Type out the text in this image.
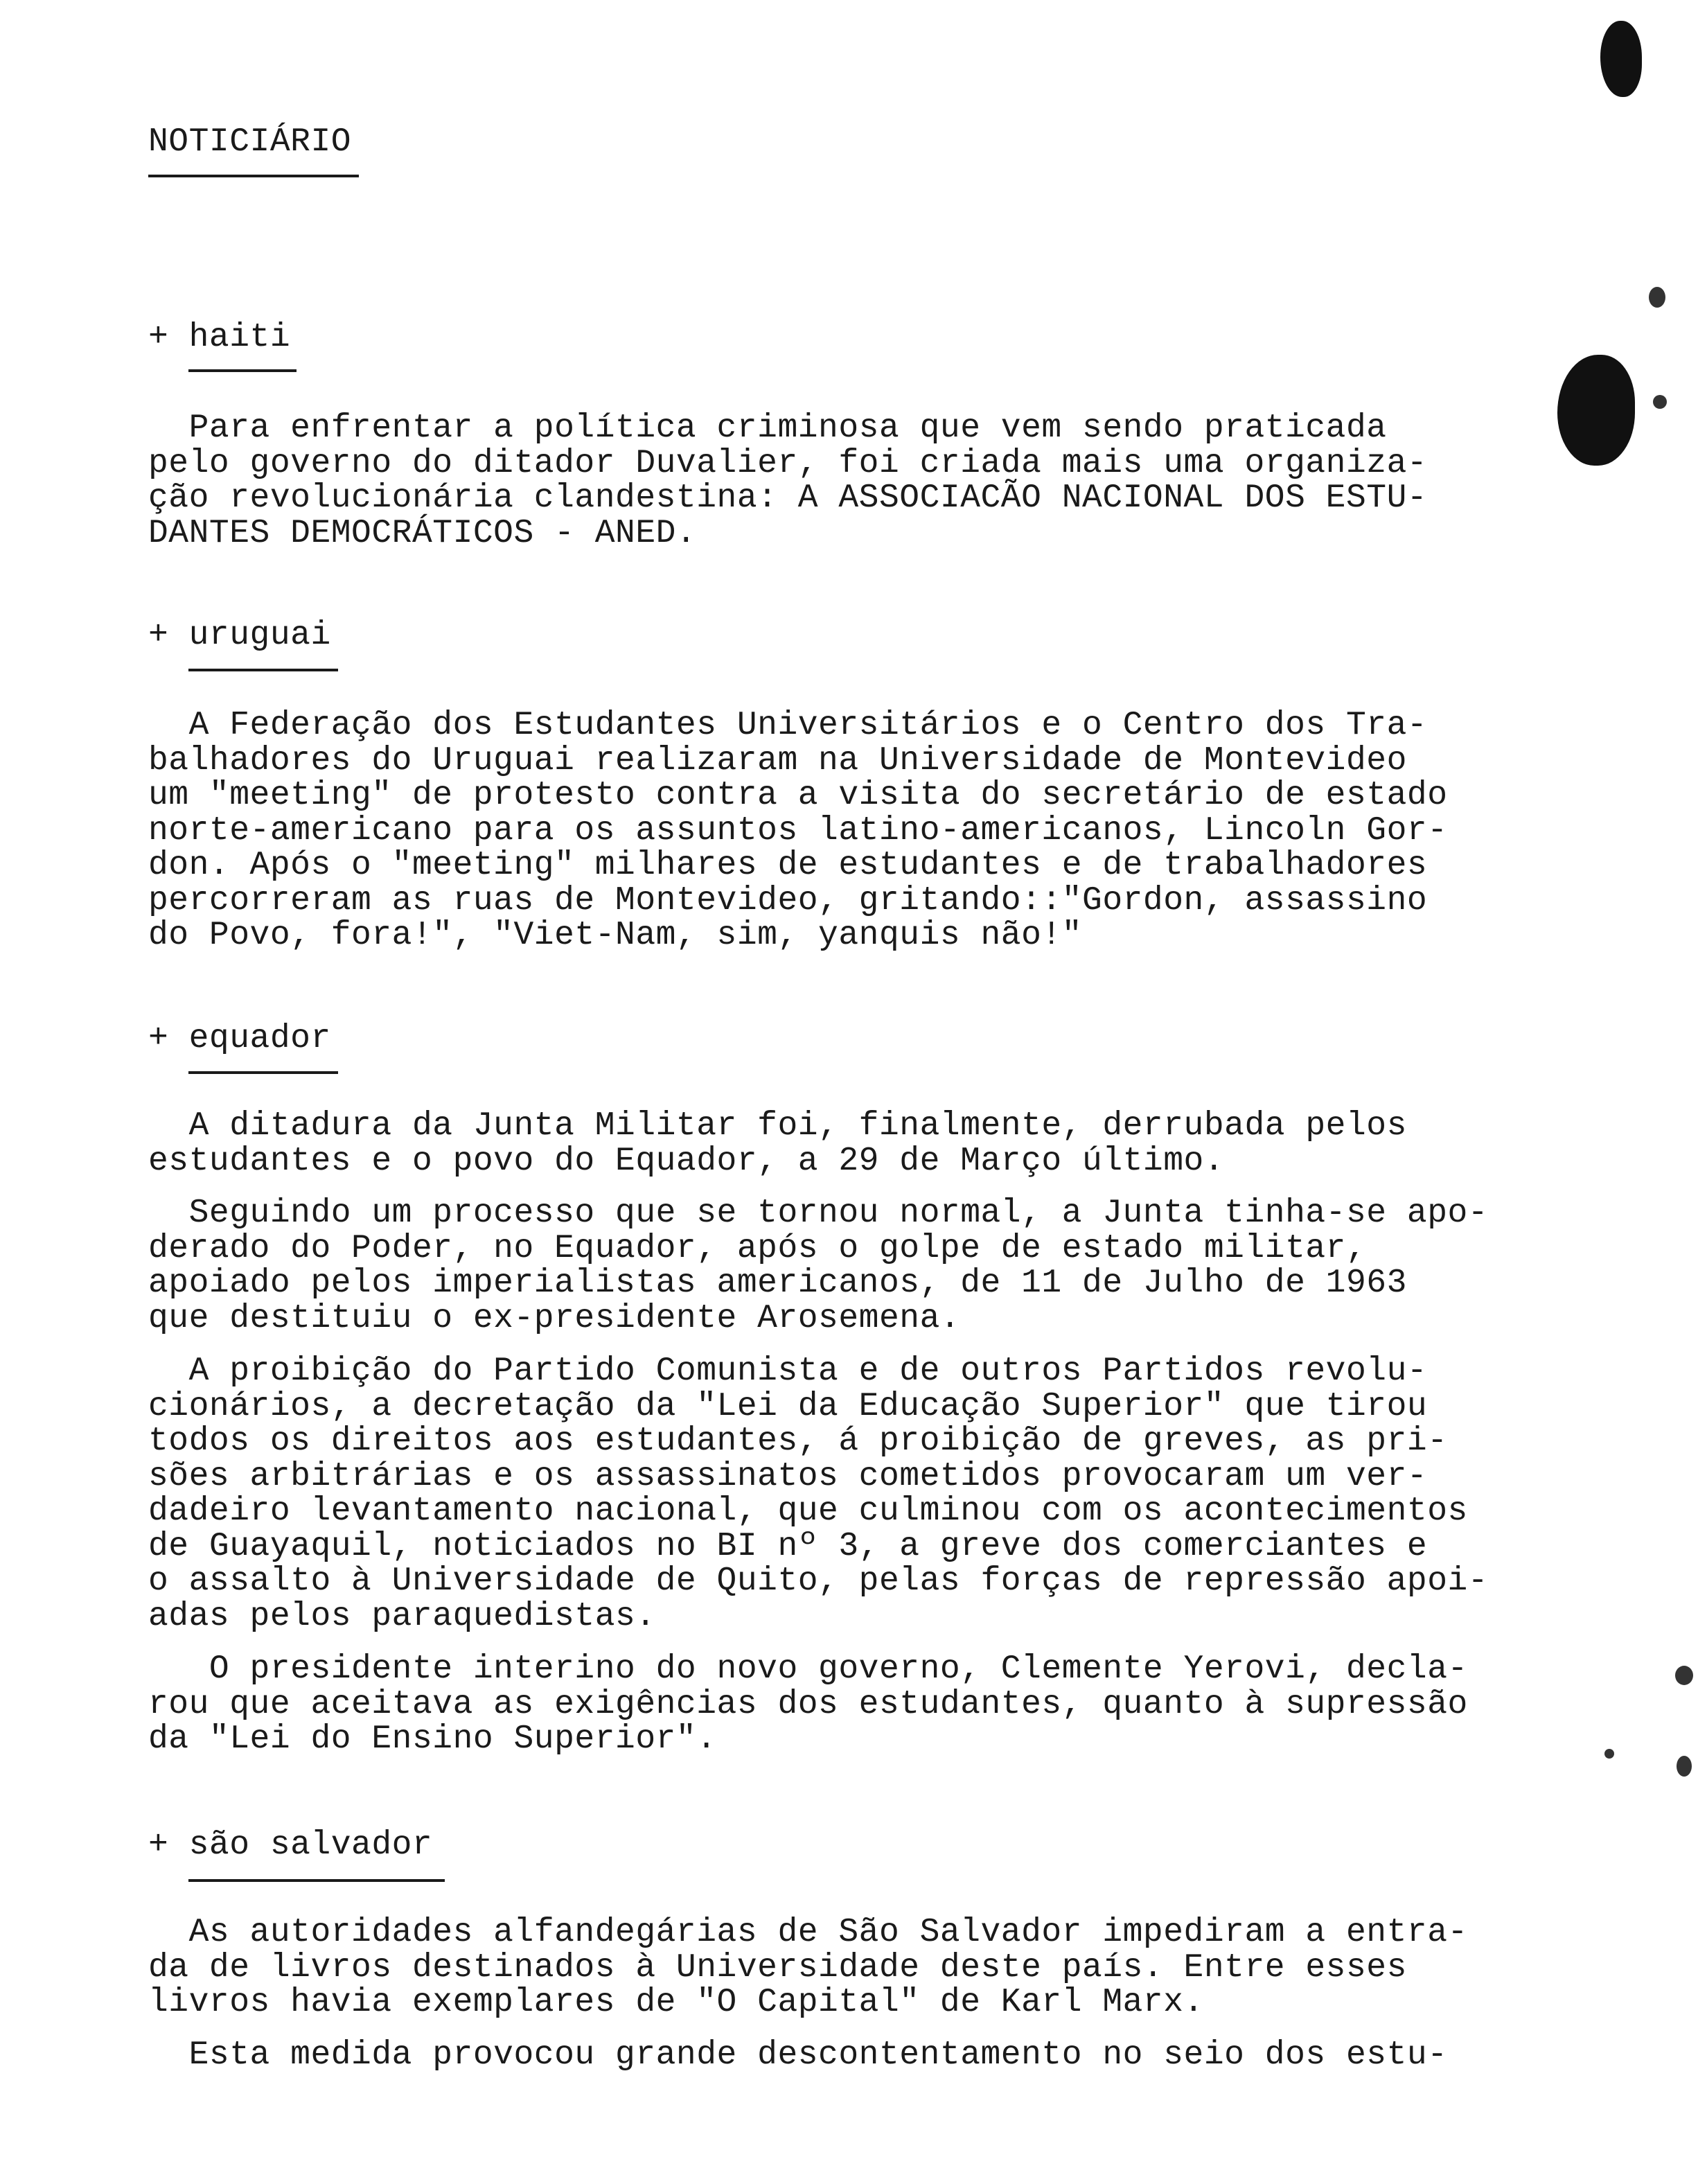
NOTICIÁRIO
+ haiti
Para enfrentar a política criminosa que vem sendo praticada
pelo governo do ditador Duvalier, foi criada mais uma organiza-
ção revolucionária clandestina: A ASSOCIACÃO NACIONAL DOS ESTU-
DANTES DEMOCRÁTICOS - ANED.
+ uruguai
A Federação dos Estudantes Universitários e o Centro dos Tra-
balhadores do Uruguai realizaram na Universidade de Montevideo
um "meeting" de protesto contra a visita do secretário de estado
norte-americano para os assuntos latino-americanos, Lincoln Gor-
don. Após o "meeting" milhares de estudantes e de trabalhadores
percorreram as ruas de Montevideo, gritando::"Gordon, assassino
do Povo, fora!", "Viet-Nam, sim, yanquis não!"
+ equador
A ditadura da Junta Militar foi, finalmente, derrubada pelos
estudantes e o povo do Equador, a 29 de Março último.
Seguindo um processo que se tornou normal, a Junta tinha-se apo-
derado do Poder, no Equador, após o golpe de estado militar,
apoiado pelos imperialistas americanos, de 11 de Julho de 1963
que destituiu o ex-presidente Arosemena.
A proibição do Partido Comunista e de outros Partidos revolu-
cionários, a decretação da "Lei da Educação Superior" que tirou
todos os direitos aos estudantes, á proibição de greves, as pri-
sões arbitrárias e os assassinatos cometidos provocaram um ver-
dadeiro levantamento nacional, que culminou com os acontecimentos
de Guayaquil, noticiados no BI nº 3, a greve dos comerciantes e
o assalto à Universidade de Quito, pelas forças de repressão apoi-
adas pelos paraquedistas.
O presidente interino do novo governo, Clemente Yerovi, decla-
rou que aceitava as exigências dos estudantes, quanto à supressão
da "Lei do Ensino Superior".
+ são salvador
As autoridades alfandegárias de São Salvador impediram a entra-
da de livros destinados à Universidade deste país. Entre esses
livros havia exemplares de "O Capital" de Karl Marx.
Esta medida provocou grande descontentamento no seio dos estu-
